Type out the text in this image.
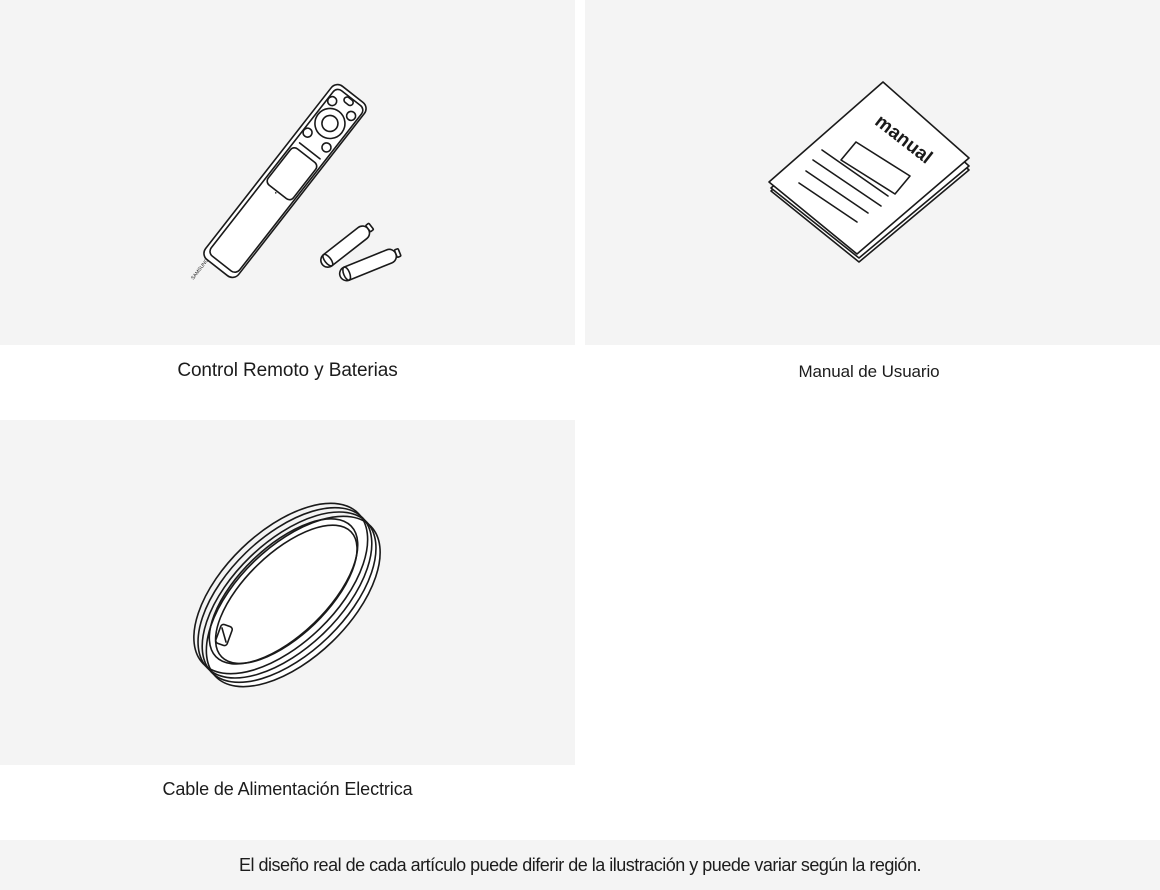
SAMSUNG
Control Remoto y Baterias
manual
Manual de Usuario
Cable de Alimentación Electrica
El diseño real de cada artículo puede diferir de la ilustración y puede variar según la región.
